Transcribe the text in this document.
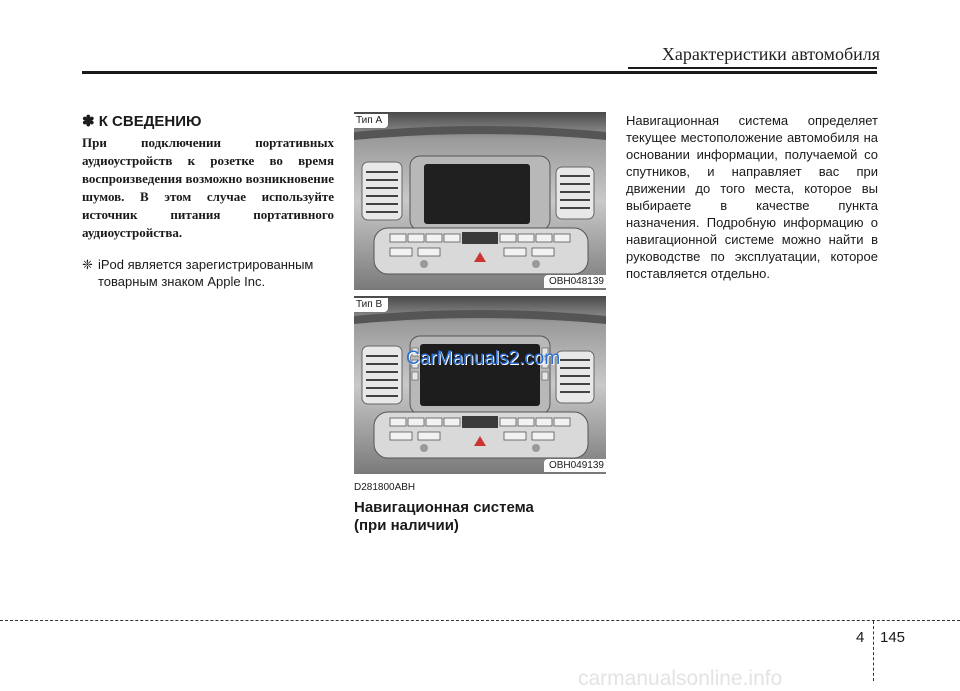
Характеристики автомобиля
✽ К СВЕДЕНИЮ

При подключении портативных аудиоустройств к розетке во время воспроизведения возможно возникновение шумов. В этом случае используйте источник питания портативного аудиоустройства.

❈ iPod является зарегистрированным товарным знаком Apple Inc.
Тип A
OBH048139
CarManuals2.com
Тип B
OBH049139
D281800ABH
Навигационная система
(при наличии)

Навигационная система определяет текущее местоположение автомобиля на основании информации, получаемой со спутников, и направляет вас при движении до того места, которое вы выбираете в качестве пункта назначения. Подробную информацию о навигационной системе можно найти в руководстве по эксплуатации, которое поставляется отдельно.

4 145
carmanualsonline.info
